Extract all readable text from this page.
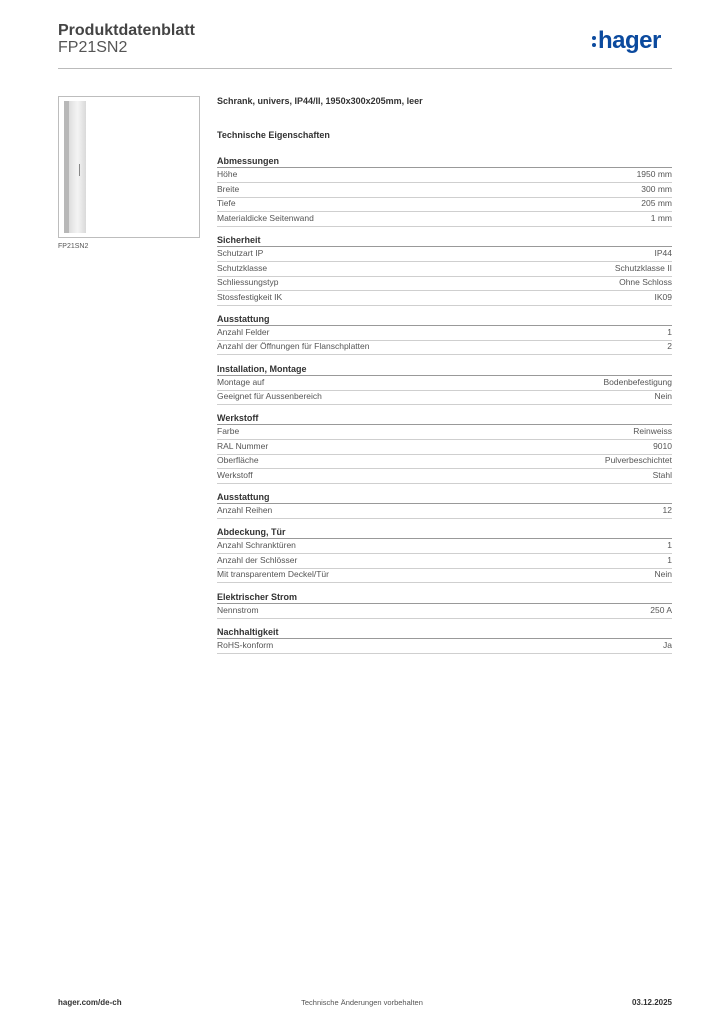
Produktdatenblatt
FP21SN2	hager
FP21SN2
Schrank, univers, IP44/II, 1950x300x205mm, leer
Technische Eigenschaften
Abmessungen
Höhe	1950 mm
Breite	300 mm
Tiefe	205 mm
Materialdicke Seitenwand	1 mm
Sicherheit
Schutzart IP	IP44
Schutzklasse	Schutzklasse II
Schliessungstyp	Ohne Schloss
Stossfestigkeit IK	IK09
Ausstattung
Anzahl Felder	1
Anzahl der Öffnungen für Flanschplatten	2
Installation, Montage
Montage auf	Bodenbefestigung
Geeignet für Aussenbereich	Nein
Werkstoff
Farbe	Reinweiss
RAL Nummer	9010
Oberfläche	Pulverbeschichtet
Werkstoff	Stahl
Ausstattung
Anzahl Reihen	12
Abdeckung, Tür
Anzahl Schranktüren	1
Anzahl der Schlösser	1
Mit transparentem Deckel/Tür	Nein
Elektrischer Strom
Nennstrom	250 A
Nachhaltigkeit
RoHS-konform	Ja
hager.com/de-ch	Technische Änderungen vorbehalten	03.12.2025
